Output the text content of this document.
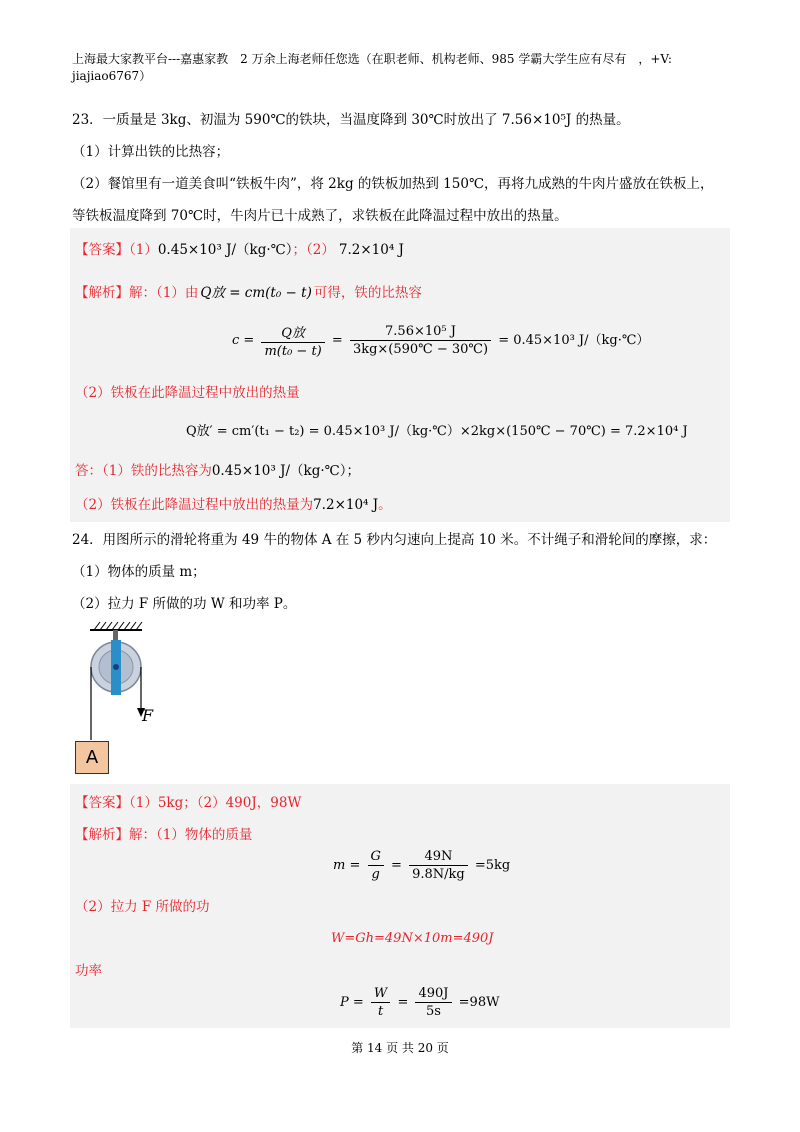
上海最大家教平台---嘉惠家教　2 万余上海老师任您选（在职老师、机构老师、985 学霸大学生应有尽有　，+V:
jiajiao6767）
23．一质量是 3kg、初温为 590℃的铁块，当温度降到 30℃时放出了 7.56×10⁵J 的热量。
（1）计算出铁的比热容；
（2）餐馆里有一道美食叫“铁板牛肉”，将 2kg 的铁板加热到 150℃，再将九成熟的牛肉片盛放在铁板上，
等铁板温度降到 70℃时，牛肉片已十成熟了，求铁板在此降温过程中放出的热量。
【答案】（1）0.45×10³ J/（kg·℃）；（2） 7.2×10⁴ J
【解析】解：（1）由 Q放 = cm(t₀ − t) 可得，铁的比热容
$c = \frac{\text{Q放}}{\text{m(t₀ − t)}} = \frac{\text{7.56×10⁵ J}}{3kg\times(590℃ - 30℃)} = 0.45\times 10^3$ J/（kg·℃）
（2）铁板在此降温过程中放出的热量
Q放′ = cm′(t₁ − t₂) = 0.45×10³ J/（kg·℃）×2kg×(150℃ − 70℃) = 7.2×10⁴ J
答：（1）铁的比热容为0.45×10³ J/（kg·℃）；
（2）铁板在此降温过程中放出的热量为7.2×10⁴ J。
24．用图所示的滑轮将重为 49 牛的物体 A 在 5 秒内匀速向上提高 10 米。不计绳子和滑轮间的摩擦，求：
（1）物体的质量 m；
（2）拉力 F 所做的功 W 和功率 P。
F
A
【答案】（1）5kg；（2）490J，98W
【解析】解：（1）物体的质量
$m = \frac{G}{g} = \frac{49N}{9.8N/kg} =5kg$
（2）拉力 F 所做的功
W=Gh=49N×10m=490J
功率
$P = \frac{W}{t} = \frac{490J}{5s} =98W$
第 14 页 共 20 页
